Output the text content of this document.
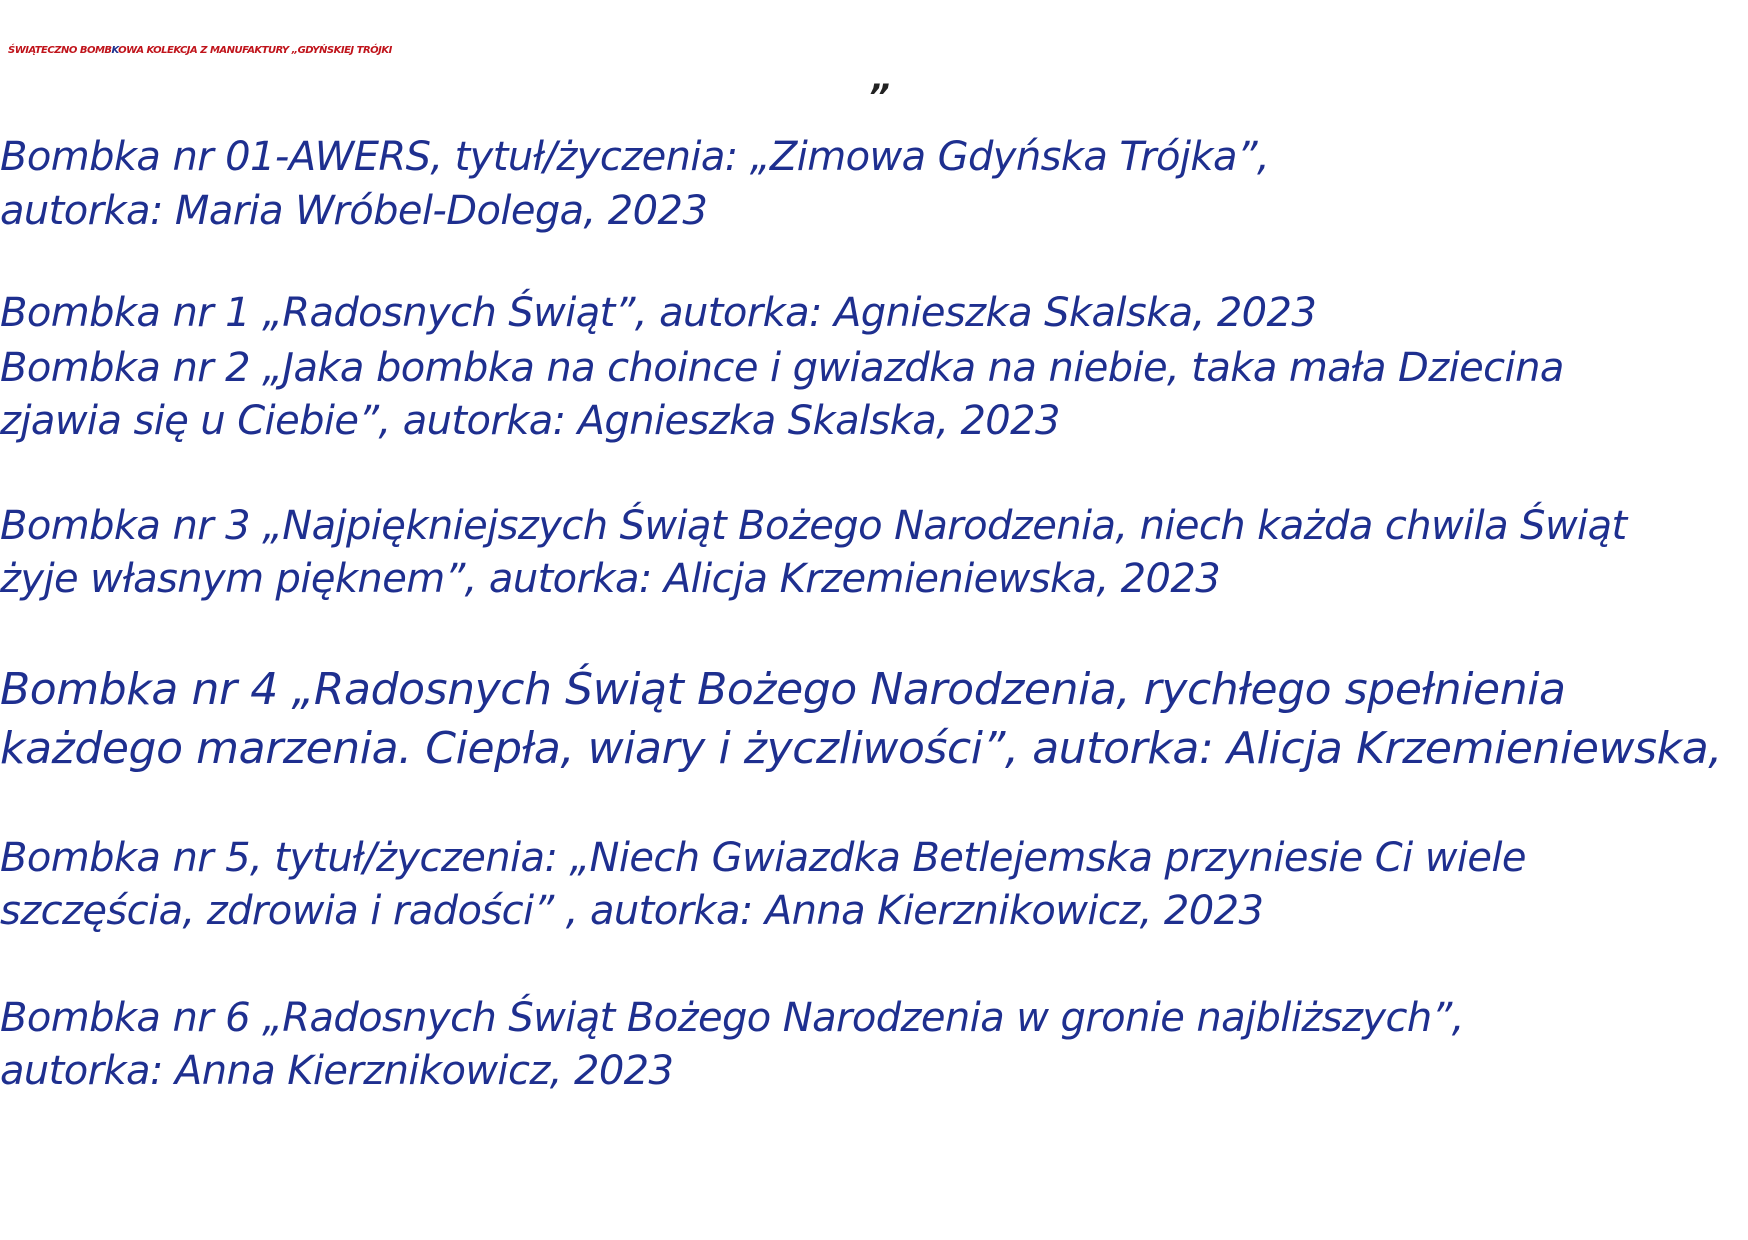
ŚWIĄTECZNO BOMBKOWA KOLEKCJA Z MANUFAKTURY „GDYŃSKIEJ TRÓJKI
”
Bombka nr 01-AWERS, tytuł/życzenia: „Zimowa Gdyńska Trójka”,
autorka: Maria Wróbel-Dolega, 2023
Bombka nr 1 „Radosnych Świąt”, autorka: Agnieszka Skalska, 2023
Bombka nr 2 „Jaka bombka na choince i gwiazdka na niebie, taka mała Dziecina
zjawia się u Ciebie”, autorka: Agnieszka Skalska, 2023
Bombka nr 3 „Najpiękniejszych Świąt Bożego Narodzenia, niech każda chwila Świąt
żyje własnym pięknem”, autorka: Alicja Krzemieniewska, 2023
Bombka nr 4 „Radosnych Świąt Bożego Narodzenia, rychłego spełnienia
każdego marzenia. Ciepła, wiary i życzliwości”, autorka: Alicja Krzemieniewska,
Bombka nr 5, tytuł/życzenia: „Niech Gwiazdka Betlejemska przyniesie Ci wiele
szczęścia, zdrowia i radości” , autorka: Anna Kierznikowicz, 2023
Bombka nr 6 „Radosnych Świąt Bożego Narodzenia w gronie najbliższych”,
autorka: Anna Kierznikowicz, 2023
